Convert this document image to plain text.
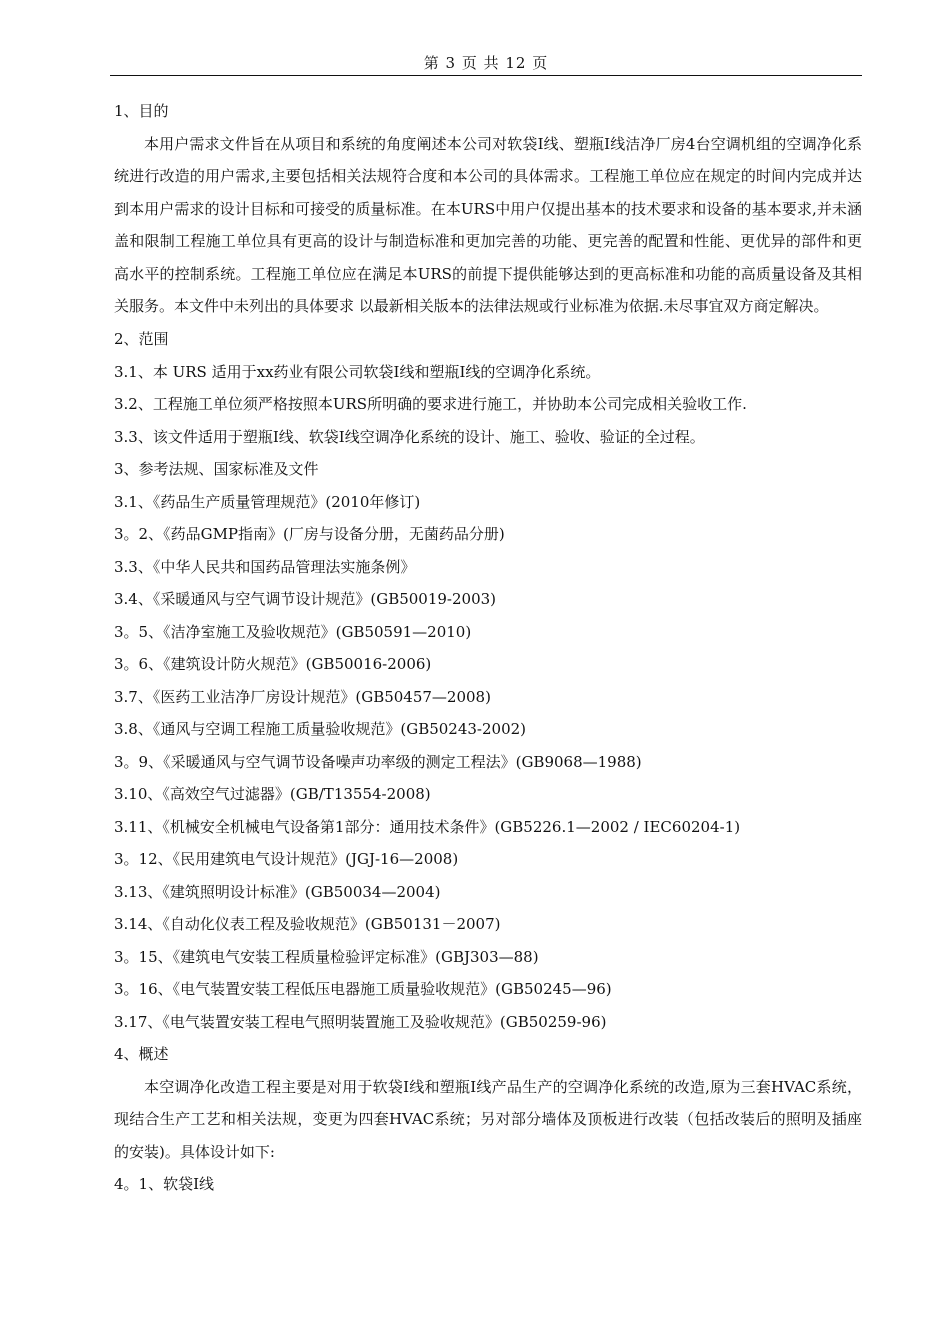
第 3 页 共 12 页
1、目的
本用户需求文件旨在从项目和系统的角度阐述本公司对软袋Ⅰ线、塑瓶Ⅰ线洁净厂房4台空调机组的空调净化系统进行改造的用户需求,主要包括相关法规符合度和本公司的具体需求。工程施工单位应在规定的时间内完成并达到本用户需求的设计目标和可接受的质量标准。在本URS中用户仅提出基本的技术要求和设备的基本要求,并未涵盖和限制工程施工单位具有更高的设计与制造标准和更加完善的功能、更完善的配置和性能、更优异的部件和更高水平的控制系统。工程施工单位应在满足本URS的前提下提供能够达到的更高标准和功能的高质量设备及其相关服务。本文件中未列出的具体要求 以最新相关版本的法律法规或行业标准为依据.未尽事宜双方商定解决。
2、范围
3.1、本 URS 适用于xx药业有限公司软袋Ⅰ线和塑瓶Ⅰ线的空调净化系统。
3.2、工程施工单位须严格按照本URS所明确的要求进行施工，并协助本公司完成相关验收工作.
3.3、该文件适用于塑瓶Ⅰ线、软袋Ⅰ线空调净化系统的设计、施工、验收、验证的全过程。
3、参考法规、国家标准及文件
3.1、《药品生产质量管理规范》(2010年修订)
3。2、《药品GMP指南》(厂房与设备分册，无菌药品分册)
3.3、《中华人民共和国药品管理法实施条例》
3.4、《采暖通风与空气调节设计规范》(GB50019-2003)
3。5、《洁净室施工及验收规范》(GB50591—2010)
3。6、《建筑设计防火规范》(GB50016-2006)
3.7、《医药工业洁净厂房设计规范》(GB50457—2008)
3.8、《通风与空调工程施工质量验收规范》(GB50243-2002)
3。9、《采暖通风与空气调节设备噪声功率级的测定工程法》(GB9068—1988)
3.10、《高效空气过滤器》(GB/T13554-2008)
3.11、《机械安全机械电气设备第1部分：通用技术条件》(GB5226.1—2002 / IEC60204-1)
3。12、《民用建筑电气设计规范》(JGJ-16—2008)
3.13、《建筑照明设计标准》(GB50034—2004)
3.14、《自动化仪表工程及验收规范》(GB50131－2007)
3。15、《建筑电气安装工程质量检验评定标准》(GBJ303—88)
3。16、《电气装置安装工程低压电器施工质量验收规范》(GB50245—96)
3.17、《电气装置安装工程电气照明装置施工及验收规范》(GB50259-96)
4、概述
本空调净化改造工程主要是对用于软袋Ⅰ线和塑瓶Ⅰ线产品生产的空调净化系统的改造,原为三套HVAC系统，现结合生产工艺和相关法规，变更为四套HVAC系统；另对部分墙体及顶板进行改装（包括改装后的照明及插座的安装)。具体设计如下:
4。1、软袋Ⅰ线
